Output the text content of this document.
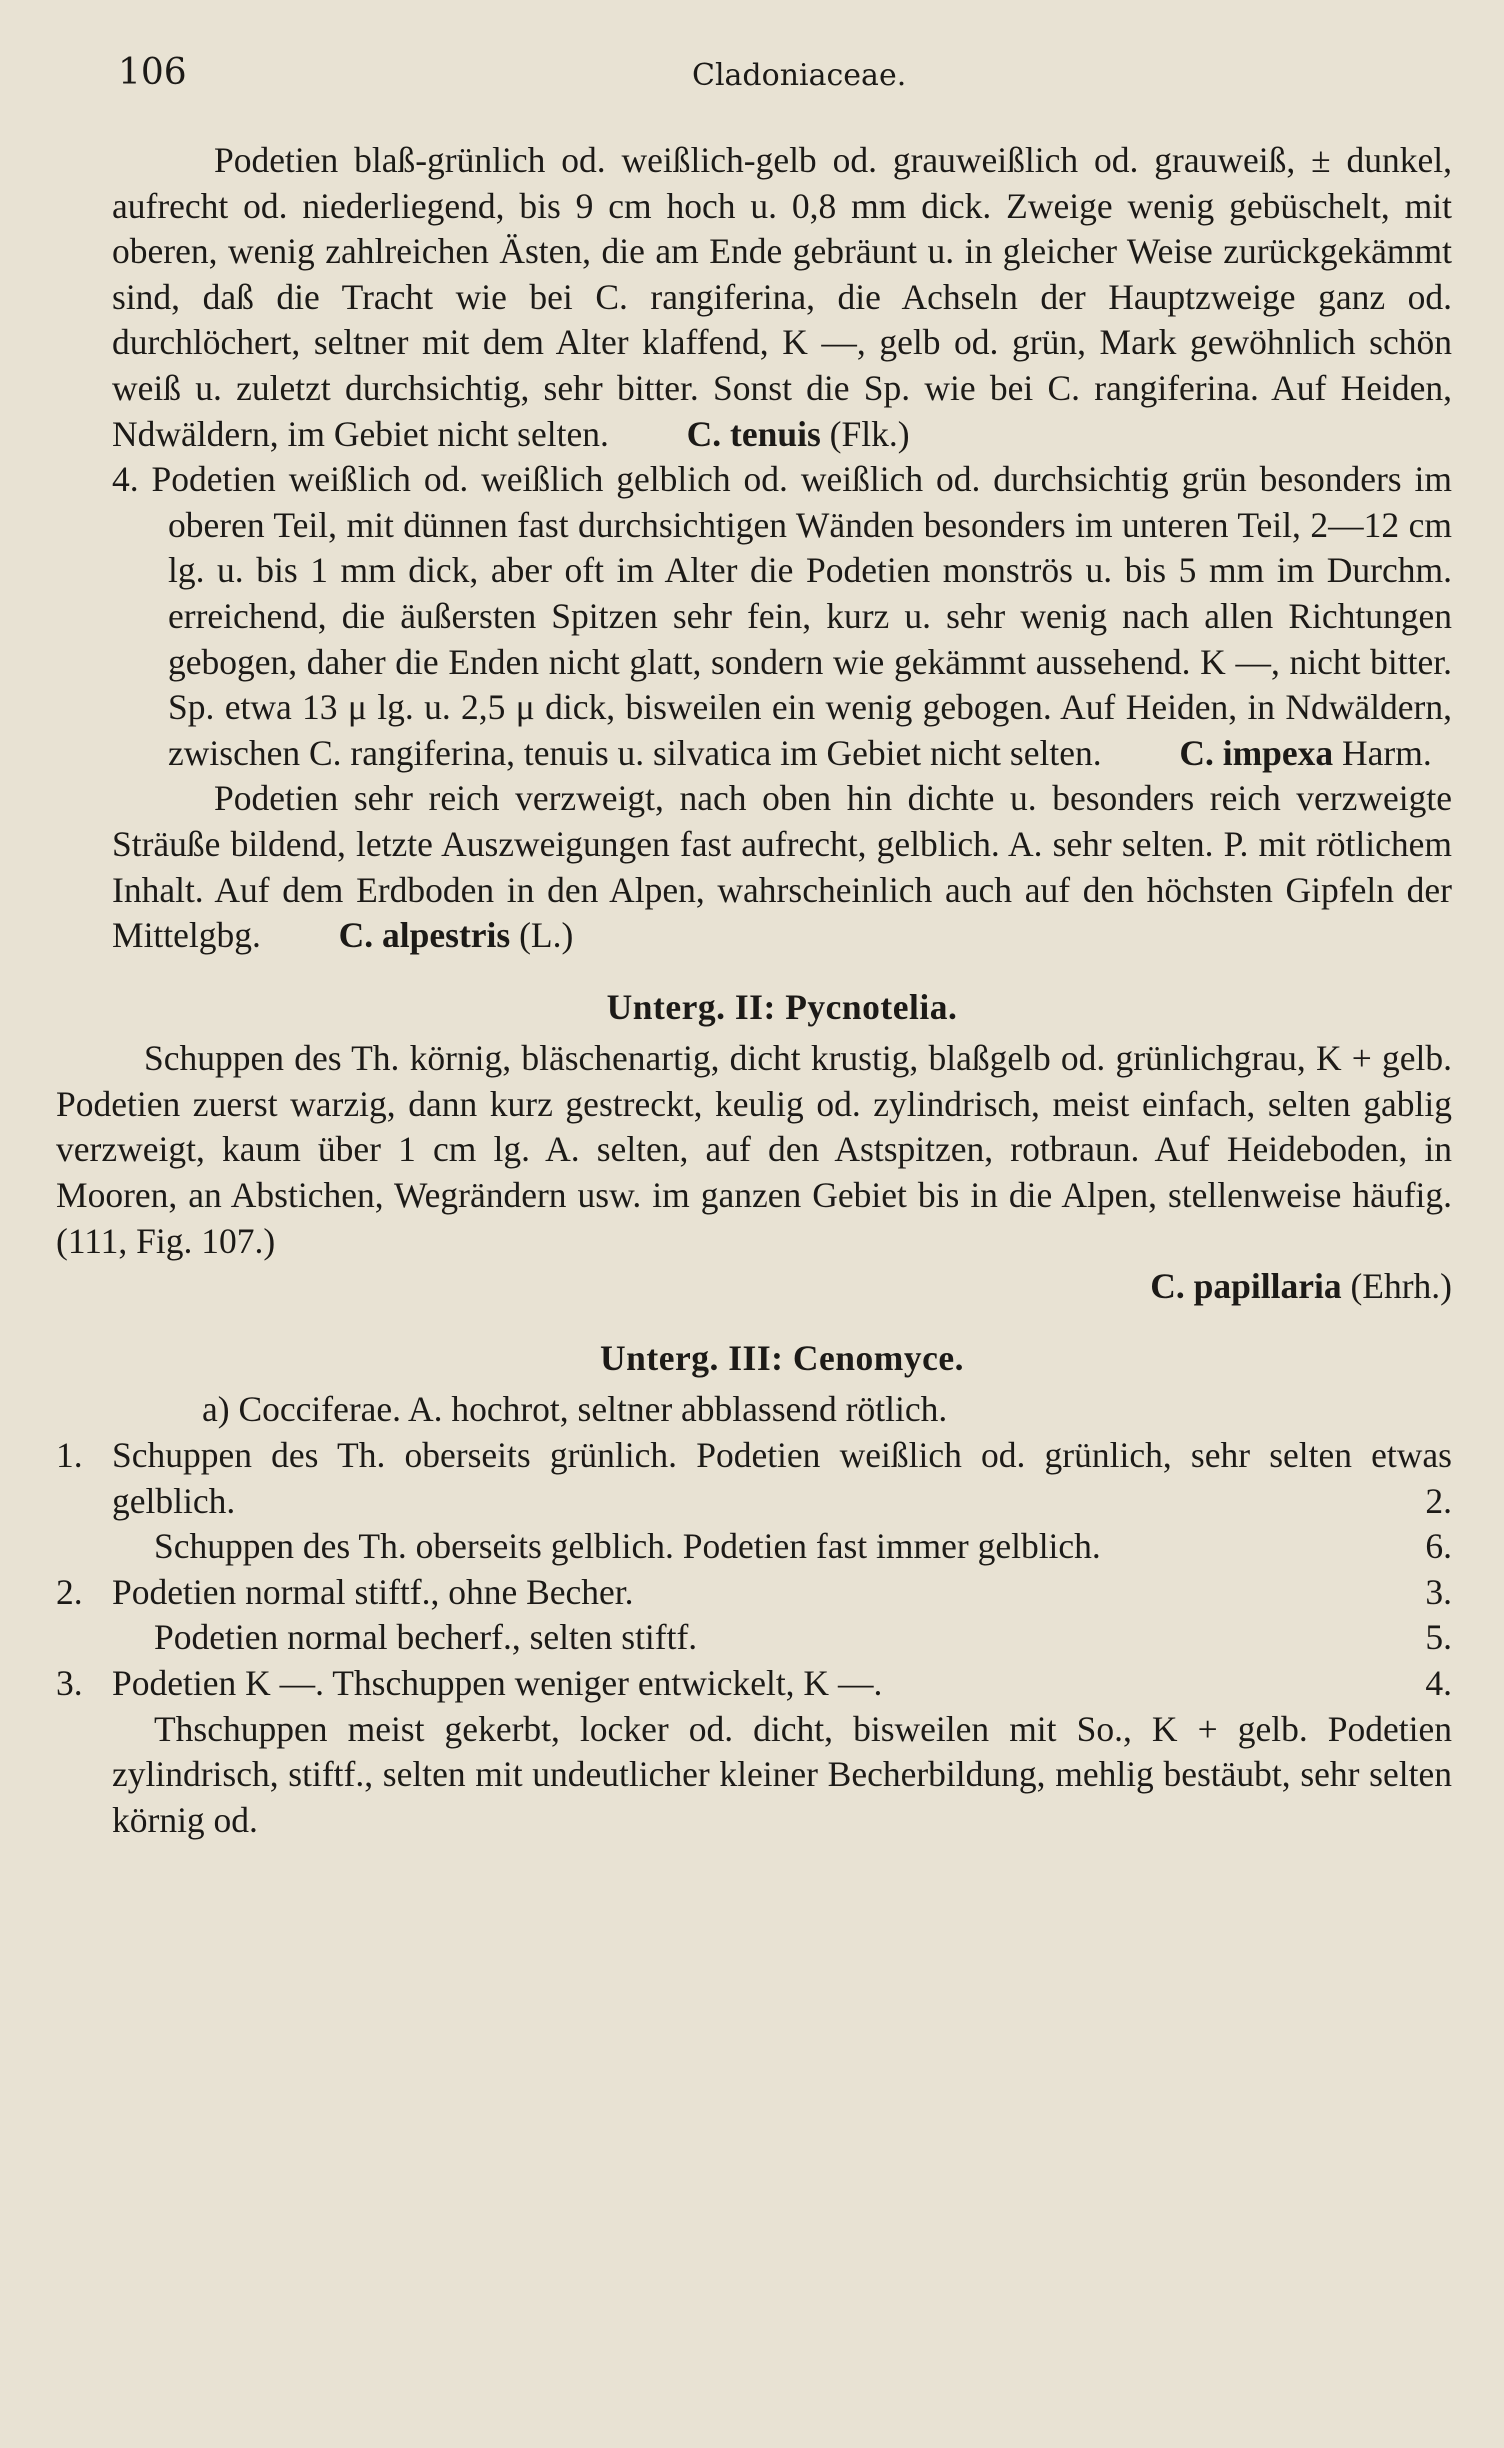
106	Cladoniaceae.

Podetien blaß-grünlich od. weißlich-gelb od. grauweißlich od. grauweiß, ± dunkel, aufrecht od. niederliegend, bis 9 cm hoch u. 0,8 mm dick. Zweige wenig gebüschelt, mit oberen, wenig zahlreichen Ästen, die am Ende gebräunt u. in gleicher Weise zurückgekämmt sind, daß die Tracht wie bei C. rangiferina, die Achseln der Hauptzweige ganz od. durchlöchert, seltner mit dem Alter klaffend, K —, gelb od. grün, Mark gewöhnlich schön weiß u. zuletzt durchsichtig, sehr bitter. Sonst die Sp. wie bei C. rangiferina. Auf Heiden, Ndwäldern, im Gebiet nicht selten. C. tenuis (Flk.)

4. Podetien weißlich od. weißlich gelblich od. weißlich od. durchsichtig grün besonders im oberen Teil, mit dünnen fast durchsichtigen Wänden besonders im unteren Teil, 2—12 cm lg. u. bis 1 mm dick, aber oft im Alter die Podetien monströs u. bis 5 mm im Durchm. erreichend, die äußersten Spitzen sehr fein, kurz u. sehr wenig nach allen Richtungen gebogen, daher die Enden nicht glatt, sondern wie gekämmt aussehend. K —, nicht bitter. Sp. etwa 13 μ lg. u. 2,5 μ dick, bisweilen ein wenig gebogen. Auf Heiden, in Ndwäldern, zwischen C. rangiferina, tenuis u. silvatica im Gebiet nicht selten. C. impexa Harm.

Podetien sehr reich verzweigt, nach oben hin dichte u. besonders reich verzweigte Sträuße bildend, letzte Auszweigungen fast aufrecht, gelblich. A. sehr selten. P. mit rötlichem Inhalt. Auf dem Erdboden in den Alpen, wahrscheinlich auch auf den höchsten Gipfeln der Mittelgbg. C. alpestris (L.)

Unterg. II: Pycnotelia.

Schuppen des Th. körnig, bläschenartig, dicht krustig, blaßgelb od. grünlichgrau, K + gelb. Podetien zuerst warzig, dann kurz gestreckt, keulig od. zylindrisch, meist einfach, selten gablig verzweigt, kaum über 1 cm lg. A. selten, auf den Astspitzen, rotbraun. Auf Heideboden, in Mooren, an Abstichen, Wegrändern usw. im ganzen Gebiet bis in die Alpen, stellenweise häufig. (111, Fig. 107.)

C. papillaria (Ehrh.)
Unterg. III: Cenomyce.

a) Cocciferae. A. hochrot, seltner abblassend rötlich.

1. Schuppen des Th. oberseits grünlich. Podetien weißlich od. grünlich, sehr selten etwas gelblich.	2.
Schuppen des Th. oberseits gelblich. Podetien fast immer gelblich.	6.
2. Podetien normal stiftf., ohne Becher.	3.
Podetien normal becherf., selten stiftf.	5.
3. Podetien K —. Thschuppen weniger entwickelt, K —.	4.

Thschuppen meist gekerbt, locker od. dicht, bisweilen mit So., K + gelb. Podetien zylindrisch, stiftf., selten mit undeutlicher kleiner Becherbildung, mehlig bestäubt, sehr selten körnig od.
